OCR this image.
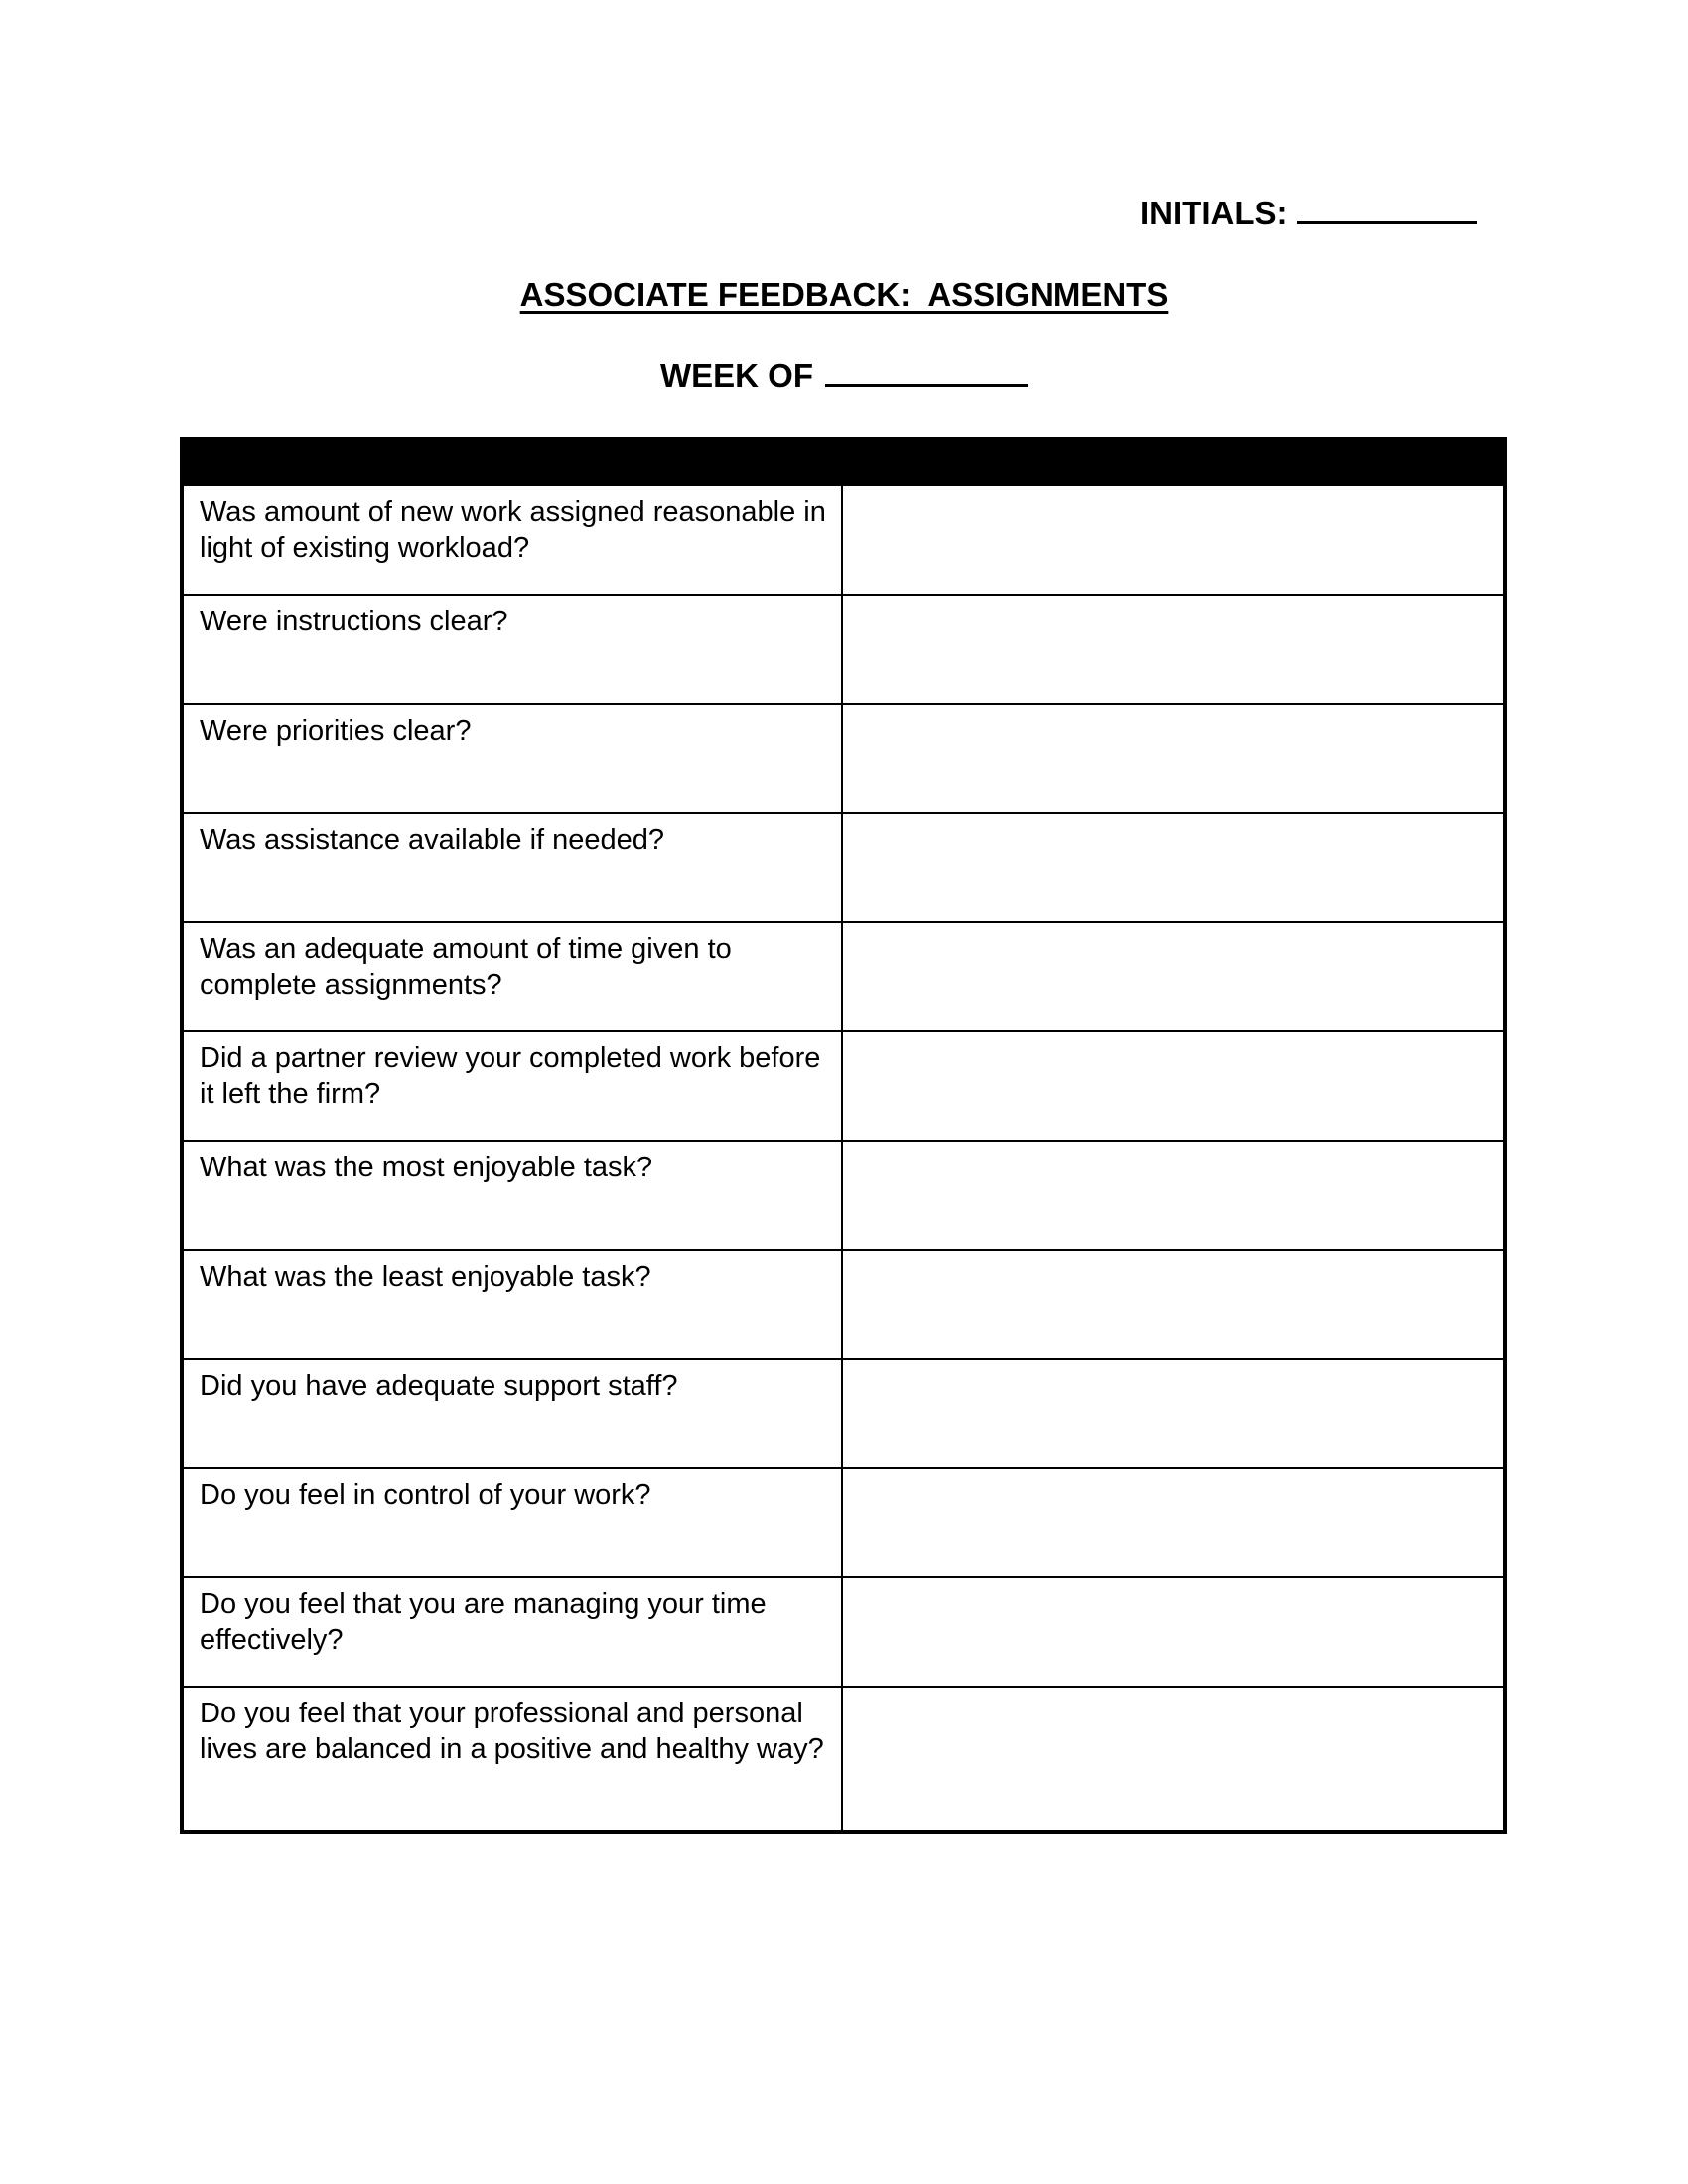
INITIALS:
ASSOCIATE FEEDBACK:  ASSIGNMENTS
WEEK OF

Was amount of new work assigned reasonable in light of existing workload?	
Were instructions clear?	
Were priorities clear?	
Was assistance available if needed?	
Was an adequate amount of time given to complete assignments?	
Did a partner review your completed work before it left the firm?	
What was the most enjoyable task?	
What was the least enjoyable task?	
Did you have adequate support staff?	
Do you feel in control of your work?	
Do you feel that you are managing your time effectively?	
Do you feel that your professional and personal lives are balanced in a positive and healthy way?	
